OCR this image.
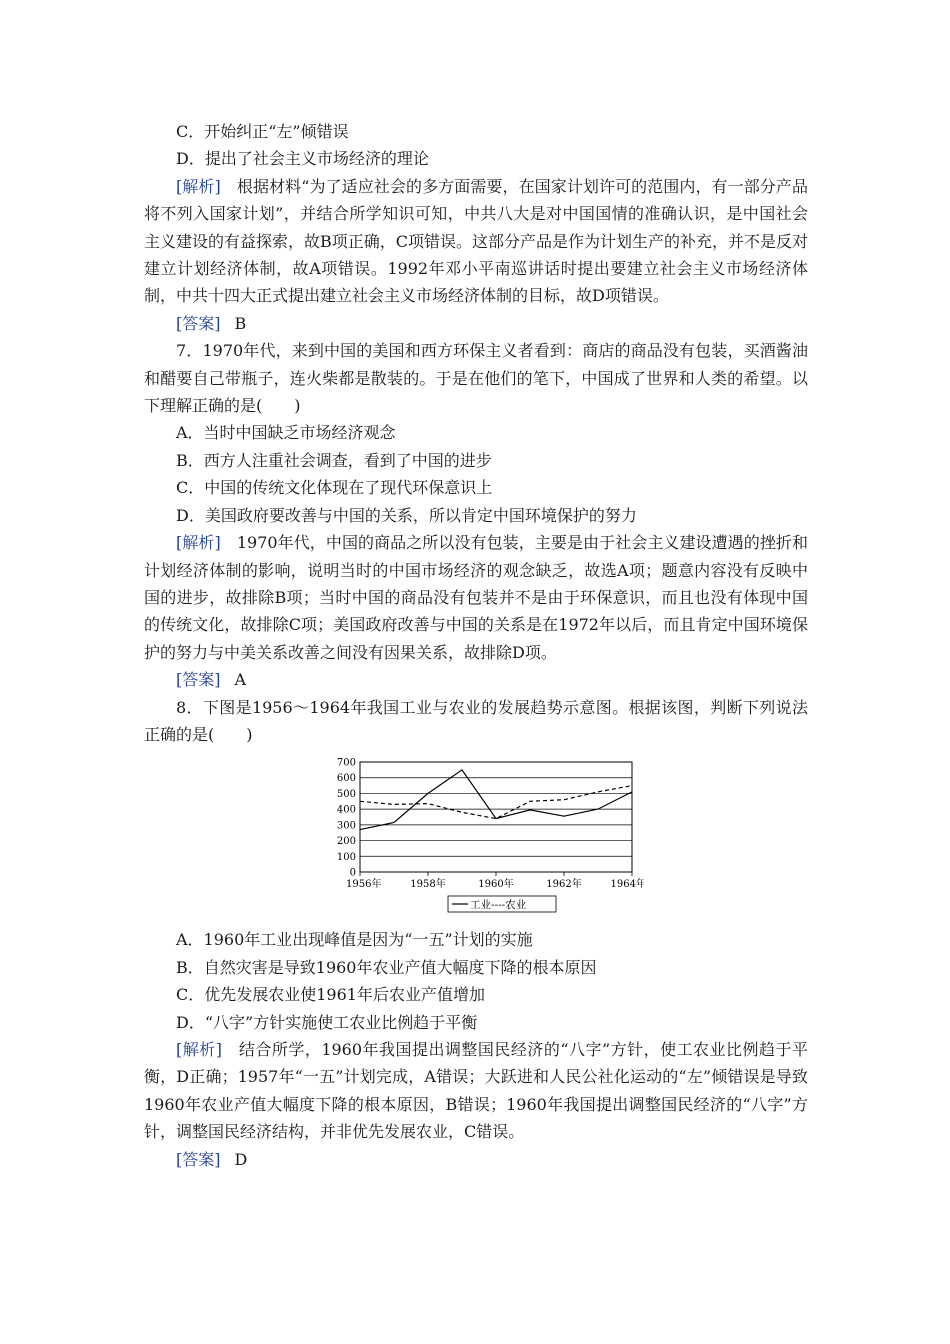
C．开始纠正“左”倾错误
D．提出了社会主义市场经济的理论
[解析]　 根据材料“为了适应社会的多方面需要，在国家计划许可的范围内，有一部分产品将不列入国家计划”，并结合所学知识可知，中共八大是对中国国情的准确认识，是中国社会主义建设的有益探索，故B项正确，C项错误。这部分产品是作为计划生产的补充，并不是反对建立计划经济体制，故A项错误。1992年邓小平南巡讲话时提出要建立社会主义市场经济体制，中共十四大正式提出建立社会主义市场经济体制的目标，故D项错误。
[答案] B
7．1970年代，来到中国的美国和西方环保主义者看到：商店的商品没有包装，买酒酱油和醋要自己带瓶子，连火柴都是散装的。于是在他们的笔下，中国成了世界和人类的希望。以下理解正确的是(　　)
A．当时中国缺乏市场经济观念
B．西方人注重社会调查，看到了中国的进步
C．中国的传统文化体现在了现代环保意识上
D．美国政府要改善与中国的关系，所以肯定中国环境保护的努力
[解析]　 1970年代，中国的商品之所以没有包装，主要是由于社会主义建设遭遇的挫折和计划经济体制的影响，说明当时的中国市场经济的观念缺乏，故选A项；题意内容没有反映中国的进步，故排除B项；当时中国的商品没有包装并不是由于环保意识，而且也没有体现中国的传统文化，故排除C项；美国政府改善与中国的关系是在1972年以后，而且肯定中国环境保护的努力与中美关系改善之间没有因果关系，故排除D项。
[答案] A
8．下图是1956～1964年我国工业与农业的发展趋势示意图。根据该图，判断下列说法正确的是(　　)
0
100
200
300
400
500
600
700
1956年	1958年	1960年	1962年	1964年
工业----农业
A．1960年工业出现峰值是因为“一五”计划的实施
B．自然灾害是导致1960年农业产值大幅度下降的根本原因
C．优先发展农业使1961年后农业产值增加
D．“八字”方针实施使工农业比例趋于平衡
[解析]　 结合所学，1960年我国提出调整国民经济的“八字”方针，使工农业比例趋于平衡，D正确；1957年“一五”计划完成，A错误；大跃进和人民公社化运动的“左”倾错误是导致1960年农业产值大幅度下降的根本原因，B错误；1960年我国提出调整国民经济的“八字”方针，调整国民经济结构，并非优先发展农业，C错误。
[答案] D
